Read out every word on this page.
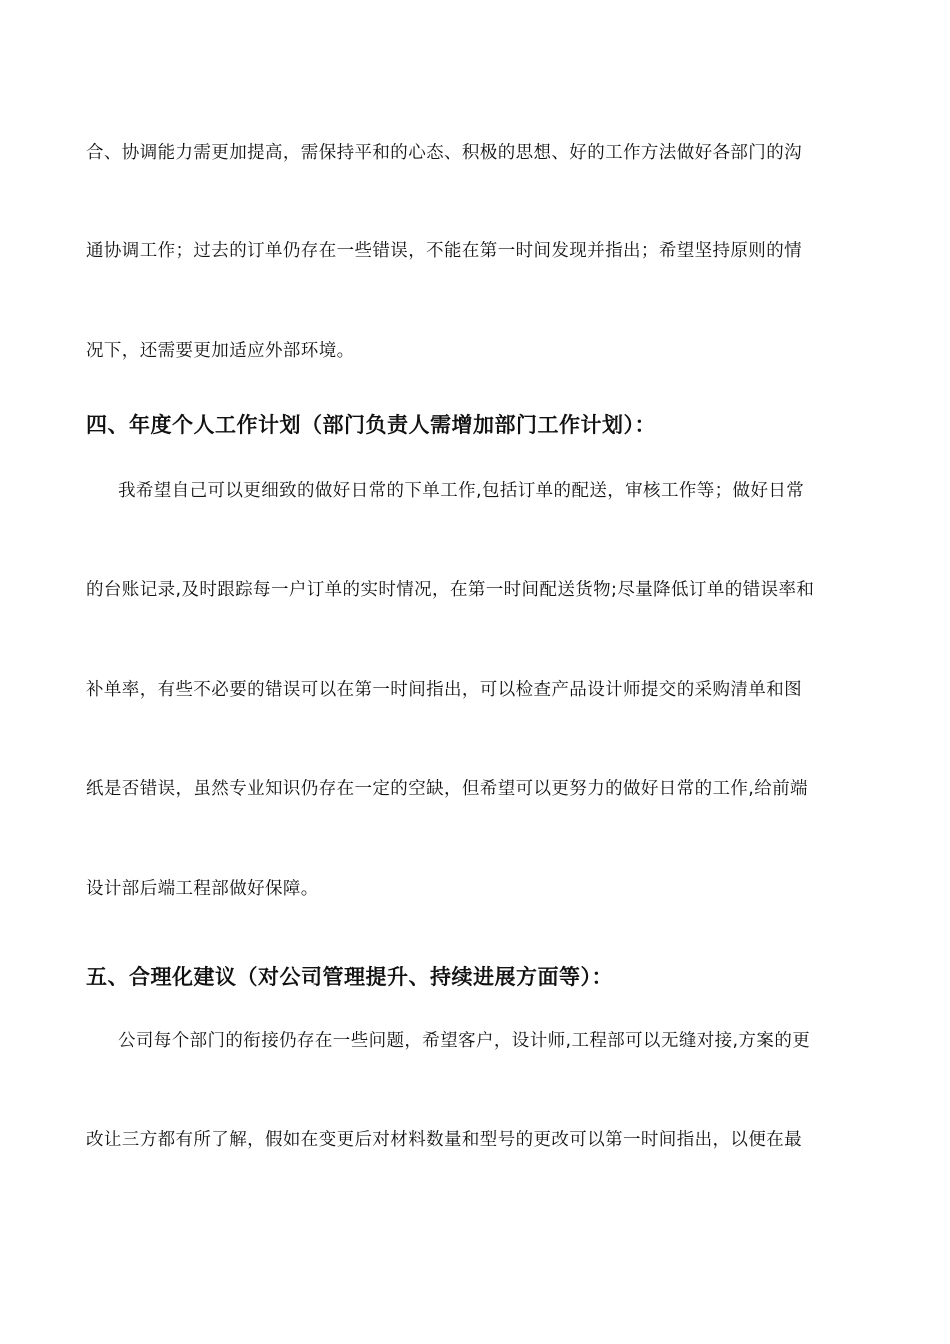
合、协调能力需更加提高，需保持平和的心态、积极的思想、好的工作方法做好各部门的沟
通协调工作；过去的订单仍存在一些错误，不能在第一时间发现并指出；希望坚持原则的情
况下，还需要更加适应外部环境。
四、年度个人工作计划（部门负责人需增加部门工作计划）：
我希望自己可以更细致的做好日常的下单工作,包括订单的配送，审核工作等；做好日常
的台账记录,及时跟踪每一户订单的实时情况，在第一时间配送货物;尽量降低订单的错误率和
补单率，有些不必要的错误可以在第一时间指出，可以检查产品设计师提交的采购清单和图
纸是否错误，虽然专业知识仍存在一定的空缺，但希望可以更努力的做好日常的工作,给前端
设计部后端工程部做好保障。
五、合理化建议（对公司管理提升、持续进展方面等）：
公司每个部门的衔接仍存在一些问题，希望客户，设计师,工程部可以无缝对接,方案的更
改让三方都有所了解，假如在变更后对材料数量和型号的更改可以第一时间指出，以便在最
